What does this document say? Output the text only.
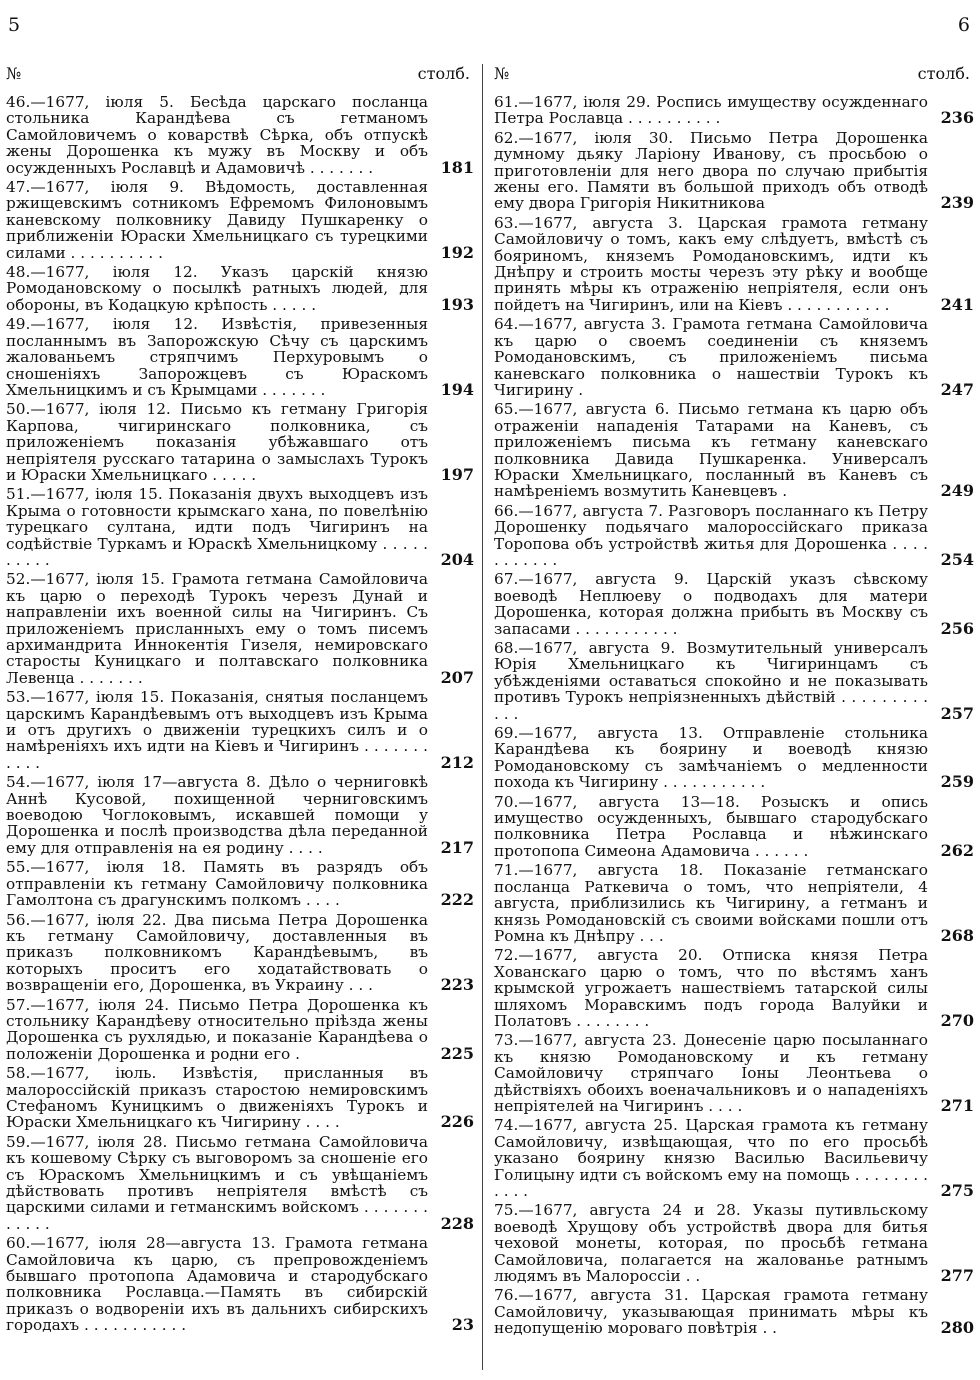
5	6
№	столб.
46.—1677, іюля 5. Бесѣда царскаго посланца стольника Карандѣева съ гетманомъ Самойловичемъ о коварствѣ Сѣрка, объ отпускѣ жены Дорошенка къ мужу въ Москву и объ осужденныхъ Рославцѣ и Адамовичѣ . . . . . . .	181
47.—1677, іюля 9. Вѣдомость, доставленная ржищевскимъ сотникомъ Ефремомъ Филоновымъ каневскому полковнику Давиду Пушкаренку о приближеніи Юраски Хмельницкаго съ турецкими силами . . . . . . . . . .	192
48.—1677, іюля 12. Указъ царскій князю Ромодановскому о посылкѣ ратныхъ людей, для обороны, въ Кодацкую крѣпость . . . . .	193
49.—1677, іюля 12. Извѣстія, привезенныя посланнымъ въ Запорожскую Сѣчу съ царскимъ жалованьемъ стряпчимъ Перхуровымъ о сношеніяхъ Запорожцевъ съ Юраскомъ Хмельницкимъ и съ Крымцами . . . . . . .	194
50.—1677, іюля 12. Письмо къ гетману Григорія Карпова, чигиринскаго полковника, съ приложеніемъ показанія убѣжавшаго отъ непріятеля русскаго татарина о замыслахъ Турокъ и Юраски Хмельницкаго . . . . .	197
51.—1677, іюля 15. Показанія двухъ выходцевъ изъ Крыма о готовности крымскаго хана, по повелѣнію турецкаго султана, идти подъ Чигиринъ на содѣйствіе Туркамъ и Юраскѣ Хмельницкому . . . . . . . . . .	204
52.—1677, іюля 15. Грамота гетмана Самойловича къ царю о переходѣ Турокъ черезъ Дунай и направленіи ихъ военной силы на Чигиринъ. Съ приложеніемъ присланныхъ ему о томъ писемъ архимандрита Иннокентія Гизеля, немировскаго старосты Куницкаго и полтавскаго полковника Левенца . . . . . . .	207
53.—1677, іюля 15. Показанія, снятыя посланцемъ царскимъ Карандѣевымъ отъ выходцевъ изъ Крыма и отъ другихъ о движеніи турецкихъ силъ и о намѣреніяхъ ихъ идти на Кіевъ и Чигиринъ . . . . . . . . . . .	212
54.—1677, іюля 17—августа 8. Дѣло о черниговкѣ Аннѣ Кусовой, похищенной черниговскимъ воеводою Чоглоковымъ, искавшей помощи у Дорошенка и послѣ производства дѣла переданной ему для отправленія на ея родину . . . .	217
55.—1677, іюля 18. Память въ разрядъ объ отправленіи къ гетману Самойловичу полковника Гамолтона съ драгунскимъ полкомъ . . . .	222
56.—1677, іюля 22. Два письма Петра Дорошенка къ гетману Самойловичу, доставленныя въ приказъ полковникомъ Карандѣевымъ, въ которыхъ проситъ его ходатайствовать о возвращеніи его, Дорошенка, въ Украину . . .	223
57.—1677, іюля 24. Письмо Петра Дорошенка къ стольнику Карандѣеву относительно пріѣзда жены Дорошенка съ рухлядью, и показаніе Карандѣева о положеніи Дорошенка и родни его .	225
58.—1677, іюль. Извѣстія, присланныя въ малороссійскій приказъ старостою немировскимъ Стефаномъ Куницкимъ о движеніяхъ Турокъ и Юраски Хмельницкаго къ Чигирину . . . .	226
59.—1677, іюля 28. Письмо гетмана Самойловича къ кошевому Сѣрку съ выговоромъ за сношеніе его съ Юраскомъ Хмельницкимъ и съ увѣщаніемъ дѣйствовать противъ непріятеля вмѣстѣ съ царскими силами и гетманскимъ войскомъ . . . . . . . . . . . .	228
60.—1677, іюля 28—августа 13. Грамота гетмана Самойловича къ царю, съ препровожденіемъ бывшаго протопопа Адамовича и стародубскаго полковника Рославца.—Память въ сибирскій приказъ о водвореніи ихъ въ дальнихъ сибирскихъ городахъ . . . . . . . . . . .	23
№	столб.
61.—1677, іюля 29. Роспись имуществу осужденнаго Петра Рославца . . . . . . . . . .	236
62.—1677, іюля 30. Письмо Петра Дорошенка думному дьяку Ларіону Иванову, съ просьбою о приготовленіи для него двора по случаю прибытія жены его. Памяти въ большой приходъ объ отводѣ ему двора Григорія Никитникова	239
63.—1677, августа 3. Царская грамота гетману Самойловичу о томъ, какъ ему слѣдуетъ, вмѣстѣ съ бояриномъ, княземъ Ромодановскимъ, идти къ Днѣпру и строить мосты черезъ эту рѣку и вообще принять мѣры къ отраженію непріятеля, если онъ пойдетъ на Чигиринъ, или на Кіевъ . . . . . . . . . . .	241
64.—1677, августа 3. Грамота гетмана Самойловича къ царю о своемъ соединеніи съ княземъ Ромодановскимъ, съ приложеніемъ письма каневскаго полковника о нашествіи Турокъ къ Чигирину .	247
65.—1677, августа 6. Письмо гетмана къ царю объ отраженіи нападенія Татарами на Каневъ, съ приложеніемъ письма къ гетману каневскаго полковника Давида Пушкаренка. Универсалъ Юраски Хмельницкаго, посланный въ Каневъ съ намѣреніемъ возмутить Каневцевъ .	249
66.—1677, августа 7. Разговоръ посланнаго къ Петру Дорошенку подьячаго малороссійскаго приказа Торопова объ устройствѣ житья для Дорошенка . . . . . . . . . . .	254
67.—1677, августа 9. Царскій указъ сѣвскому воеводѣ Неплюеву о подводахъ для матери Дорошенка, которая должна прибыть въ Москву съ запасами . . . . . . . . . . .	256
68.—1677, августа 9. Возмутительный универсалъ Юрія Хмельницкаго къ Чигиринцамъ съ убѣжденіями оставаться спокойно и не показывать противъ Турокъ непріязненныхъ дѣйствій . . . . . . . . . . . .	257
69.—1677, августа 13. Отправленіе стольника Карандѣева къ боярину и воеводѣ князю Ромодановскому съ замѣчаніемъ о медленности похода къ Чигирину . . . . . . . . . . .	259
70.—1677, августа 13—18. Розыскъ и опись имущество осужденныхъ, бывшаго стародубскаго полковника Петра Рославца и нѣжинскаго протопопа Симеона Адамовича . . . . . .	262
71.—1677, августа 18. Показаніе гетманскаго посланца Раткевича о томъ, что непріятели, 4 августа, приблизились къ Чигирину, а гетманъ и князь Ромодановскій съ своими войсками пошли отъ Ромна къ Днѣпру . . .	268
72.—1677, августа 20. Отписка князя Петра Хованскаго царю о томъ, что по вѣстямъ ханъ крымской угрожаетъ нашествіемъ татарской силы шляхомъ Моравскимъ подъ города Валуйки и Полатовъ . . . . . . . .	270
73.—1677, августа 23. Донесеніе царю посыланнаго къ князю Ромодановскому и къ гетману Самойловичу стряпчаго Іоны Леонтьева о дѣйствіяхъ обоихъ военачальниковъ и о нападеніяхъ непріятелей на Чигиринъ . . . .	271
74.—1677, августа 25. Царская грамота къ гетману Самойловичу, извѣщающая, что по его просьбѣ указано боярину князю Василью Васильевичу Голицыну идти съ войскомъ ему на помощь . . . . . . . . . . . .	275
75.—1677, августа 24 и 28. Указы путивльскому воеводѣ Хрущову объ устройствѣ двора для битья чеховой монеты, которая, по просьбѣ гетмана Самойловича, полагается на жалованье ратнымъ людямъ въ Малороссіи . .	277
76.—1677, августа 31. Царская грамота гетману Самойловичу, указывающая принимать мѣры къ недопущенію мороваго повѣтрія . .	280
